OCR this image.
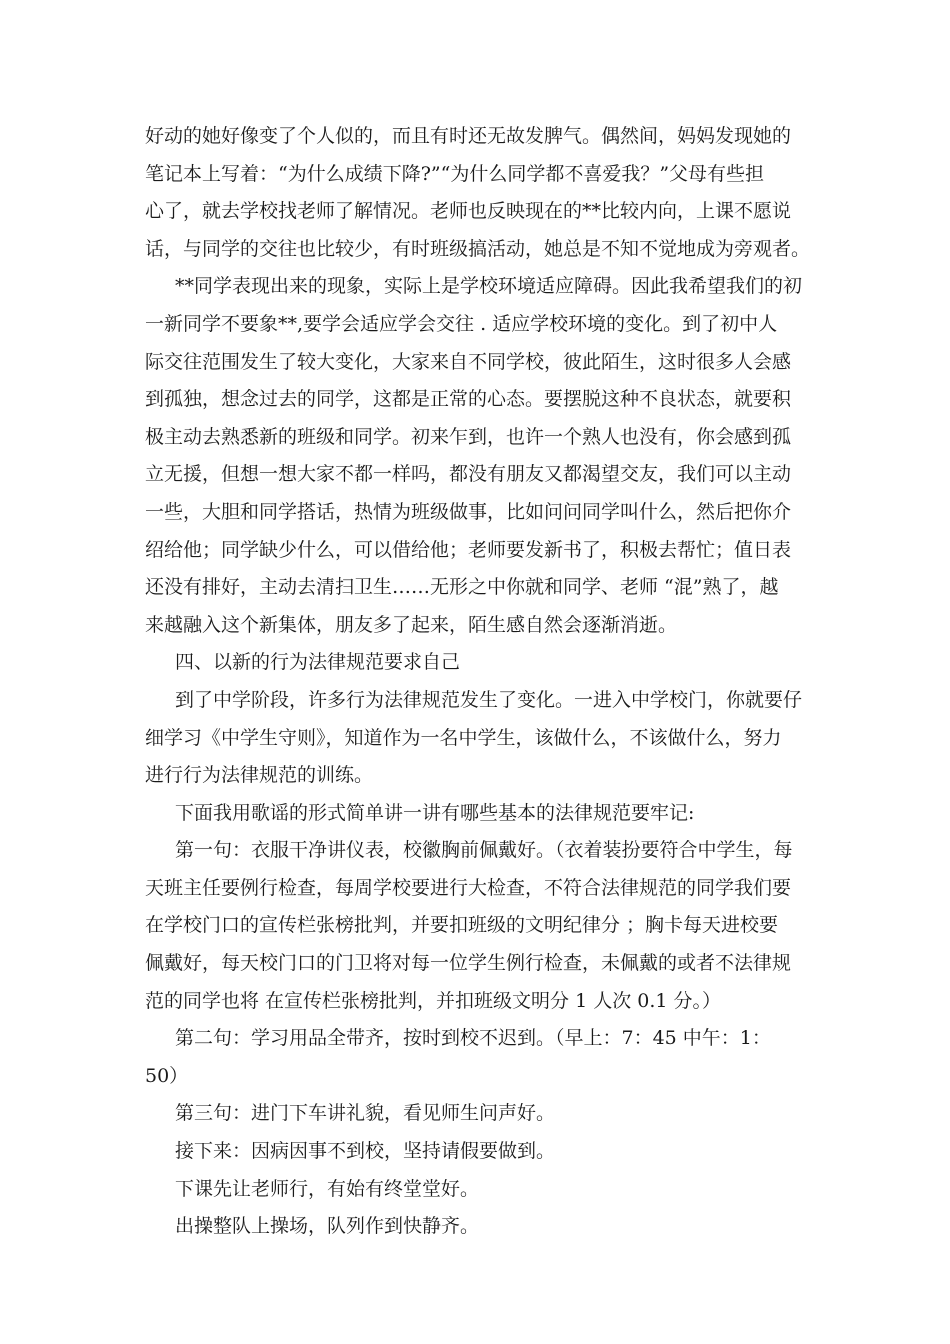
好动的她好像变了个人似的，而且有时还无故发脾气。偶然间，妈妈发现她的
笔记本上写着：“为什么成绩下降?”“为什么同学都不喜爱我？”父母有些担
心了，就去学校找老师了解情况。老师也反映现在的**比较内向，上课不愿说
话，与同学的交往也比较少，有时班级搞活动，她总是不知不觉地成为旁观者。
**同学表现出来的现象，实际上是学校环境适应障碍。因此我希望我们的初
一新同学不要象**,要学会适应学会交往 . 适应学校环境的变化。到了初中人
际交往范围发生了较大变化，大家来自不同学校，彼此陌生，这时很多人会感
到孤独，想念过去的同学，这都是正常的心态。要摆脱这种不良状态，就要积
极主动去熟悉新的班级和同学。初来乍到，也许一个熟人也没有，你会感到孤
立无援，但想一想大家不都一样吗，都没有朋友又都渴望交友，我们可以主动
一些，大胆和同学搭话，热情为班级做事，比如问问同学叫什么，然后把你介
绍给他；同学缺少什么，可以借给他；老师要发新书了，积极去帮忙；值日表
还没有排好，主动去清扫卫生……无形之中你就和同学、老师 “混”熟了，越
来越融入这个新集体，朋友多了起来，陌生感自然会逐渐消逝。
四、以新的行为法律规范要求自己
到了中学阶段，许多行为法律规范发生了变化。一进入中学校门，你就要仔
细学习《中学生守则》，知道作为一名中学生，该做什么，不该做什么，努力
进行行为法律规范的训练。
下面我用歌谣的形式简单讲一讲有哪些基本的法律规范要牢记:
第一句：衣服干净讲仪表，校徽胸前佩戴好。（衣着装扮要符合中学生，每
天班主任要例行检查，每周学校要进行大检查，不符合法律规范的同学我们要
在学校门口的宣传栏张榜批判，并要扣班级的文明纪律分 ；胸卡每天进校要
佩戴好，每天校门口的门卫将对每一位学生例行检查，未佩戴的或者不法律规
范的同学也将 在宣传栏张榜批判，并扣班级文明分 1 人次 0.1 分。）
第二句：学习用品全带齐，按时到校不迟到。（早上：7：45 中午：1：
50）
第三句：进门下车讲礼貌，看见师生问声好。
接下来：因病因事不到校，坚持请假要做到。
下课先让老师行，有始有终堂堂好。
出操整队上操场，队列作到快静齐。
